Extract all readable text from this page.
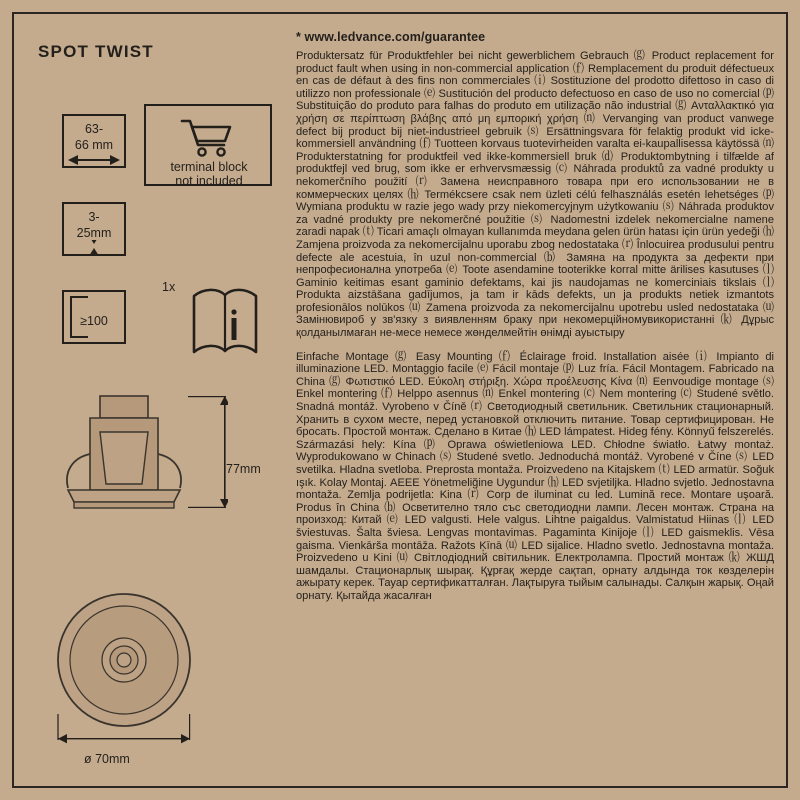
SPOT TWIST
63-
66 mm
3-
25mm
≥100
terminal block
not included
1x
77mm
ø 70mm
* www.ledvance.com/guarantee

Produktersatz für Produktfehler bei nicht gewerblichem Gebrauch ⒢ Product replacement for product fault when using in non-commercial application ⒡ Remplacement du produit défectueux en cas de défaut à des fins non commerciales ⒤ Sostituzione del prodotto difettoso in caso di utilizzo non professionale ⒠ Sustitución del producto defectuoso en caso de uso no comercial ⒫ Substituição do produto para falhas do produto em utilização não industrial ⒢ Ανταλλακτικό για χρήση σε περίπτωση βλάβης από μη εμπορική χρήση ⒩ Vervanging van product vanwege defect bij product bij niet-industrieel gebruik ⒮ Ersättningsvara för felaktig produkt vid icke-kommersiell användning ⒡ Tuotteen korvaus tuotevirheiden varalta ei-kaupallisessa käytössä ⒩ Produkterstatning for produktfeil ved ikke-kommersiell bruk ⒟ Produktombytning i tilfælde af produktfejl ved brug, som ikke er erhvervsmæssig ⒞ Náhrada produktů za vadné produkty u nekomerčního použití ⒭ Замена неисправного товара при его использовании не в коммерческих целях ⒣ Termékcsere csak nem üzleti célú felhasználás esetén lehetséges ⒫ Wymiana produktu w razie jego wady przy niekomercyjnym użytkowaniu ⒮ Náhrada produktov za vadné produkty pre nekomerčné použitie ⒮ Nadomestni izdelek nekomercialne namene zaradi napak ⒯ Ticari amaçlı olmayan kullanımda meydana gelen ürün hatası için ürün yedeği ⒣ Zamjena proizvoda za nekomercijalnu uporabu zbog nedostataka ⒭ Înlocuirea produsului pentru defecte ale acestuia, în uzul non-commercial ⒝ Замяна на продукта за дефекти при непрофесионална употреба ⒠ Toote asendamine tooterikke korral mitte ärilises kasutuses ⒧ Gaminio keitimas esant gaminio defektams, kai jis naudojamas ne komerciniais tikslais ⒧ Produkta aizstāšana gadījumos, ja tam ir kāds defekts, un ja produkts netiek izmantots profesionālos nolūkos ⒰ Zamena proizvoda za nekomercijalnu upotrebu usled nedostataka ⒰ Замінювироб у зв'язку з виявленням браку при некомерційномувикористанні ⒦ Дұрыс қолданылмаған не-месе немесе жөнделмейтін өнімді ауыстыру

Einfache Montage ⒢ Easy Mounting ⒡ Éclairage froid. Installation aisée ⒤ Impianto di illuminazione LED. Montaggio facile ⒠ Fácil montaje ⒫ Luz fría. Fácil Montagem. Fabricado na China ⒢ Φωτιστικό LED. Εύκολη στήριξη. Χώρα προέλευσης Κίνα ⒩ Eenvoudige montage ⒮ Enkel montering ⒡ Helppo asennus ⒩ Enkel montering ⒞ Nem montering ⒞ Studené světlo. Snadná montáž. Vyrobeno v Číně ⒭ Светодиодный светильник. Светильник стационарный. Хранить в сухом месте, перед установкой отключить питание. Товар сертифицирован. Не бросать. Простой монтаж. Сделано в Китае ⒣ LED lámpatest. Hideg fény. Könnyű felszerelés. Származási hely: Kína ⒫ Oprawa oświetleniowa LED. Chłodne światło. Łatwy montaż. Wyprodukowano w Chinach ⒮ Studené svetlo. Jednoduchá montáž. Vyrobené v Číne ⒮ LED svetilka. Hladna svetloba. Preprosta montaža. Proizvedeno na Kitajskem ⒯ LED armatür. Soğuk ışık. Kolay Montaj. ΑΕΕΕ Yönetmeliğine Uygundur ⒣ LED svjetiljka. Hladno svjetlo. Jednostavna montaža. Zemlja podrijetla: Kina ⒭ Corp de iluminat cu led. Lumină rece. Montare uşoară. Produs în China ⒝ Осветително тяло със светодиодни лампи. Лесен монтаж. Страна на произход: Китай ⒠ LED valgusti. Hele valgus. Lihtne paigaldus. Valmistatud Hiinas ⒧ LED šviestuvas. Šalta šviesa. Lengvas montavimas. Pagaminta Kinijoje ⒧ LED gaismeklis. Vēsa gaisma. Vienkārša montāža. Ražots Ķīnā ⒰ LED sijalice. Hladno svetlo. Jednostavna montaža. Proizvedeno u Kini ⒰ Світлодіодний світильник. Електролампа. Простий монтаж ⒦ ЖШД шамдалы. Стационарлық шырақ. Құрғақ жерде сақтап, орнату алдында ток көзделерін ажырату керек. Тауар сертификатталған. Лақтыруға тыйым салынады. Салқын жарық. Оңай орнату. Қытайда жасалған
